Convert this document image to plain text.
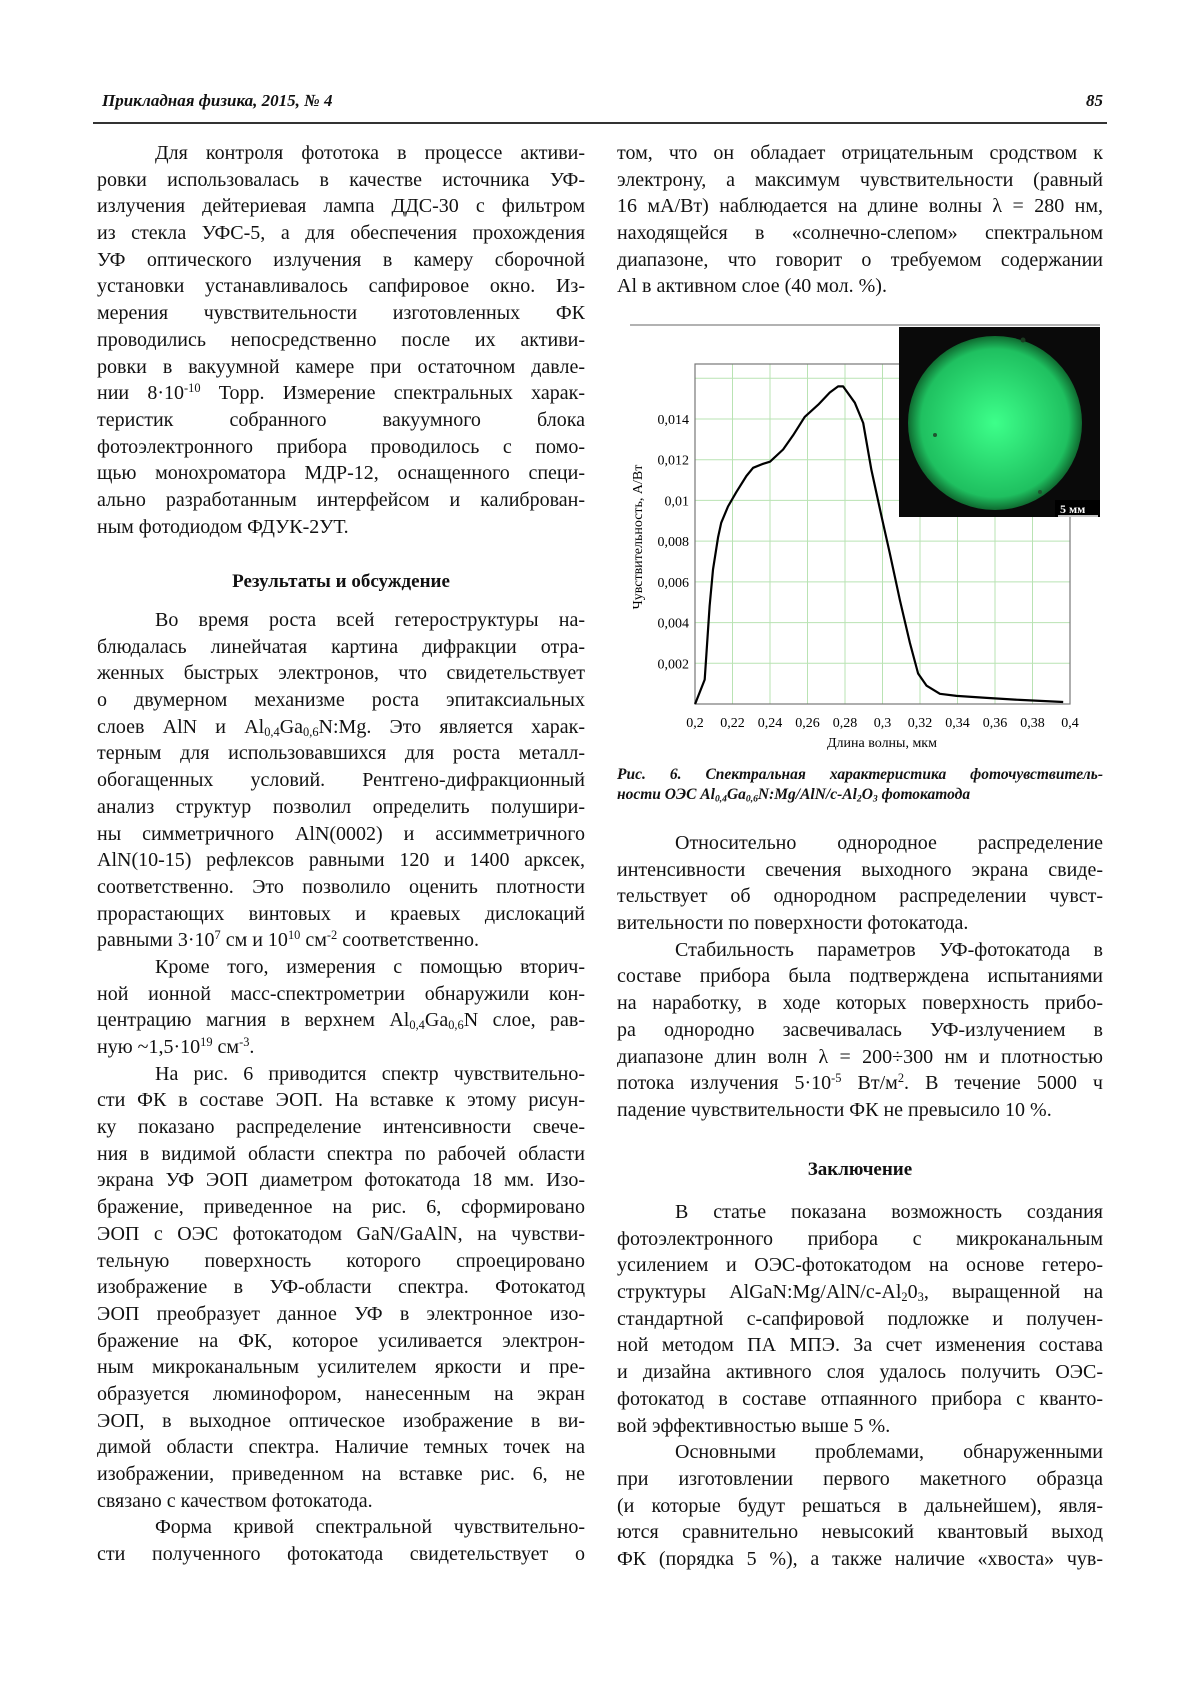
Прикладная физика, 2015, № 4	85
Для контроля фототока в процессе активи-
ровки использовалась в качестве источника УФ-
излучения дейтериевая лампа ДДС-30 с фильтром
из стекла УФС-5, а для обеспечения прохождения
УФ оптического излучения в камеру сборочной
установки устанавливалось сапфировое окно. Из-
мерения чувствительности изготовленных ФК
проводились непосредственно после их активи-
ровки в вакуумной камере при остаточном давле-
нии $8\cdot 10^{-10}$ Торр. Измерение спектральных харак-
теристик собранного вакуумного блока
фотоэлектронного прибора проводилось с помо-
щью монохроматора МДР-12, оснащенного специ-
ально разработанным интерфейсом и калиброван-
ным фотодиодом ФДУК-2УТ.
Результаты и обсуждение
Во время роста всей гетероструктуры на-
блюдалась линейчатая картина дифракции отра-
женных быстрых электронов, что свидетельствует
о двумерном механизме роста эпитаксиальных
слоев AlN и $Al_{0,4}Ga_{0,6}N:Mg$. Это является харак-
терным для использовавшихся для роста металл-
обогащенных условий. Рентгено-дифракционный
анализ структур позволил определить полушири-
ны симметричного AlN(0002) и ассимметричного
AlN(10-15) рефлексов равными 120 и 1400 арксек,
соответственно. Это позволило оценить плотности
прорастающих винтовых и краевых дислокаций
равными $3\cdot 10^7$ см и $10^{10}$ $см^{-2}$ соответственно.
Кроме того, измерения с помощью вторич-
ной ионной масс-спектрометрии обнаружили кон-
центрацию магния в верхнем $Al_{0,4}Ga_{0,6}N$ слое, рав-
ную $\sim 1,5\cdot 10^{19}$ $см^{-3}$.
На рис. 6 приводится спектр чувствительно-
сти ФК в составе ЭОП. На вставке к этому рисун-
ку показано распределение интенсивности свече-
ния в видимой области спектра по рабочей области
экрана УФ ЭОП диаметром фотокатода 18 мм. Изо-
бражение, приведенное на рис. 6, сформировано
ЭОП с ОЭС фотокатодом GaN/GaAlN, на чувстви-
тельную поверхность которого спроецировано
изображение в УФ-области спектра. Фотокатод
ЭОП преобразует данное УФ в электронное изо-
бражение на ФК, которое усиливается электрон-
ным микроканальным усилителем яркости и пре-
образуется люминофором, нанесенным на экран
ЭОП, в выходное оптическое изображение в ви-
димой области спектра. Наличие темных точек на
изображении, приведенном на вставке рис. 6, не
связано с качеством фотокатода.
Форма кривой спектральной чувствительно-
сти полученного фотокатода свидетельствует о
том, что он обладает отрицательным сродством к
электрону, а максимум чувствительности (равный
16 мА/Вт) наблюдается на длине волны λ = 280 нм,
находящейся в «солнечно-слепом» спектральном
диапазоне, что говорит о требуемом содержании
Al в активном слое (40 мол. %).
0,2 0,22 0,24 0,26 0,28 0,3 0,32 0,34 0,36 0,38 0,4
0,002
0,004
0,006
0,008
0,01
0,012
0,014
5 мм
Длина волны, мкм
Чувствительность, А/Вт
Рис. 6. Спектральная характеристика фоточувствитель-
ности ОЭС $Al_{0,4}Ga_{0,6}N:Mg/AlN/c-Al_2O_3$ фотокатода
Относительно однородное распределение
интенсивности свечения выходного экрана свиде-
тельствует об однородном распределении чувст-
вительности по поверхности фотокатода.
Стабильность параметров УФ-фотокатода в
составе прибора была подтверждена испытаниями
на наработку, в ходе которых поверхность прибо-
ра однородно засвечивалась УФ-излучением в
диапазоне длин волн λ = 200÷300 нм и плотностью
потока излучения $5\cdot 10^{-5}$ $Вт/м^2$. В течение 5000 ч
падение чувствительности ФК не превысило 10 %.
Заключение
В статье показана возможность создания
фотоэлектронного прибора с микроканальным
усилением и ОЭС-фотокатодом на основе гетеро-
структуры $AlGaN:Mg/AlN/c-Al_20_3$, выращенной на
стандартной с-сапфировой подложке и получен-
ной методом ПА МПЭ. За счет изменения состава
и дизайна активного слоя удалось получить ОЭС-
фотокатод в составе отпаянного прибора с кванто-
вой эффективностью выше 5 %.
Основными проблемами, обнаруженными
при изготовлении первого макетного образца
(и которые будут решаться в дальнейшем), явля-
ются сравнительно невысокий квантовый выход
ФК (порядка 5 %), а также наличие «хвоста» чув-
